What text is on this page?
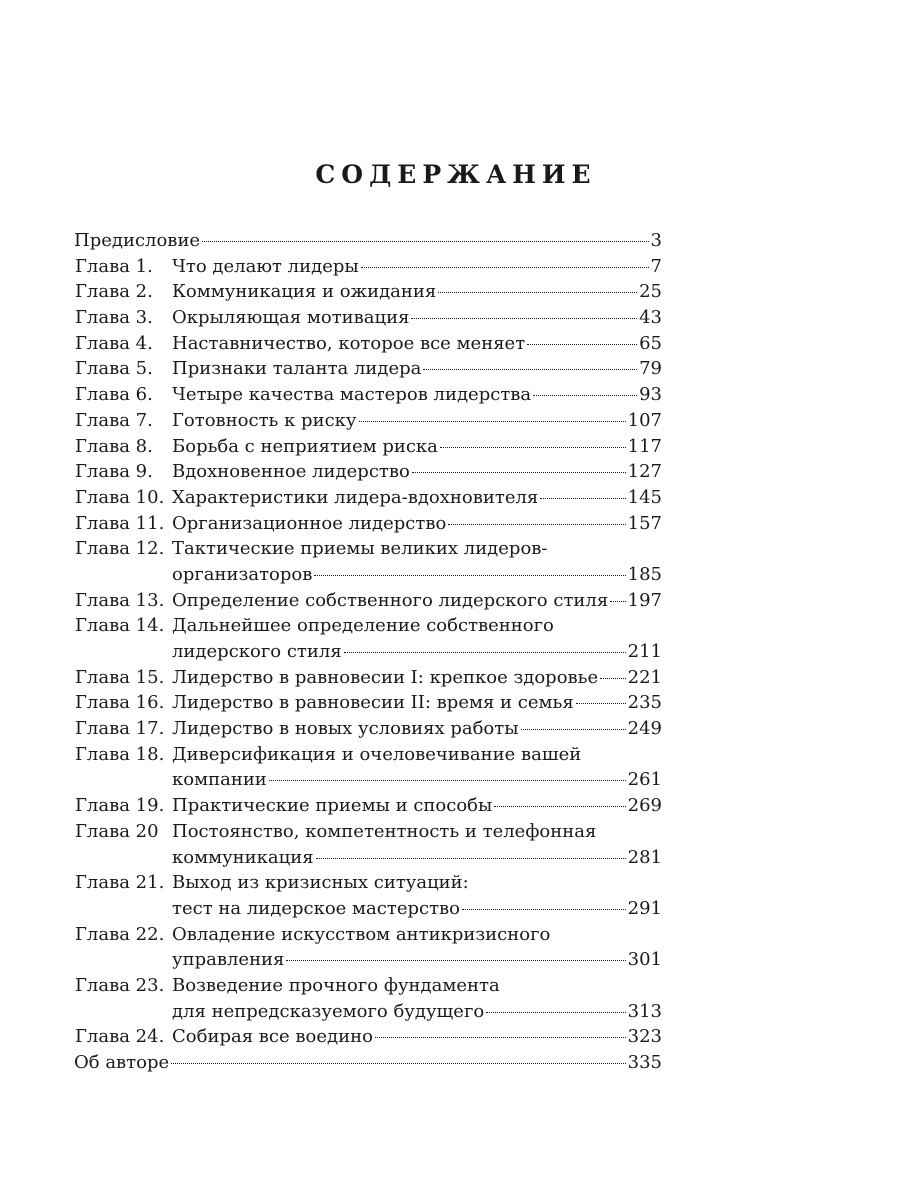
СОДЕРЖАНИЕ
Предисловие	3
Глава 1.	Что делают лидеры	7
Глава 2.	Коммуникация и ожидания	25
Глава 3.	Окрыляющая мотивация	43
Глава 4.	Наставничество, которое все меняет	65
Глава 5.	Признаки таланта лидера	79
Глава 6.	Четыре качества мастеров лидерства	93
Глава 7.	Готовность к риску	107
Глава 8.	Борьба с неприятием риска	117
Глава 9.	Вдохновенное лидерство	127
Глава 10. Характеристики лидера-вдохновителя	145
Глава 11. Организационное лидерство	157
Глава 12. Тактические приемы великих лидеров-
организаторов	185
Глава 13. Определение собственного лидерского стиля 197
Глава 14. Дальнейшее определение собственного
лидерского стиля	211
Глава 15. Лидерство в равновесии I: крепкое здоровье 221
Глава 16. Лидерство в равновесии II: время и семья	235
Глава 17. Лидерство в новых условиях работы	249
Глава 18. Диверсификация и очеловечивание вашей
компании	261
Глава 19. Практические приемы и способы	269
Глава 20 Постоянство, компетентность и телефонная
коммуникация	281
Глава 21. Выход из кризисных ситуаций:
тест на лидерское мастерство	291
Глава 22. Овладение искусством антикризисного
управления	301
Глава 23. Возведение прочного фундамента
для непредсказуемого будущего	313
Глава 24. Собирая все воедино	323
Об авторе	335
